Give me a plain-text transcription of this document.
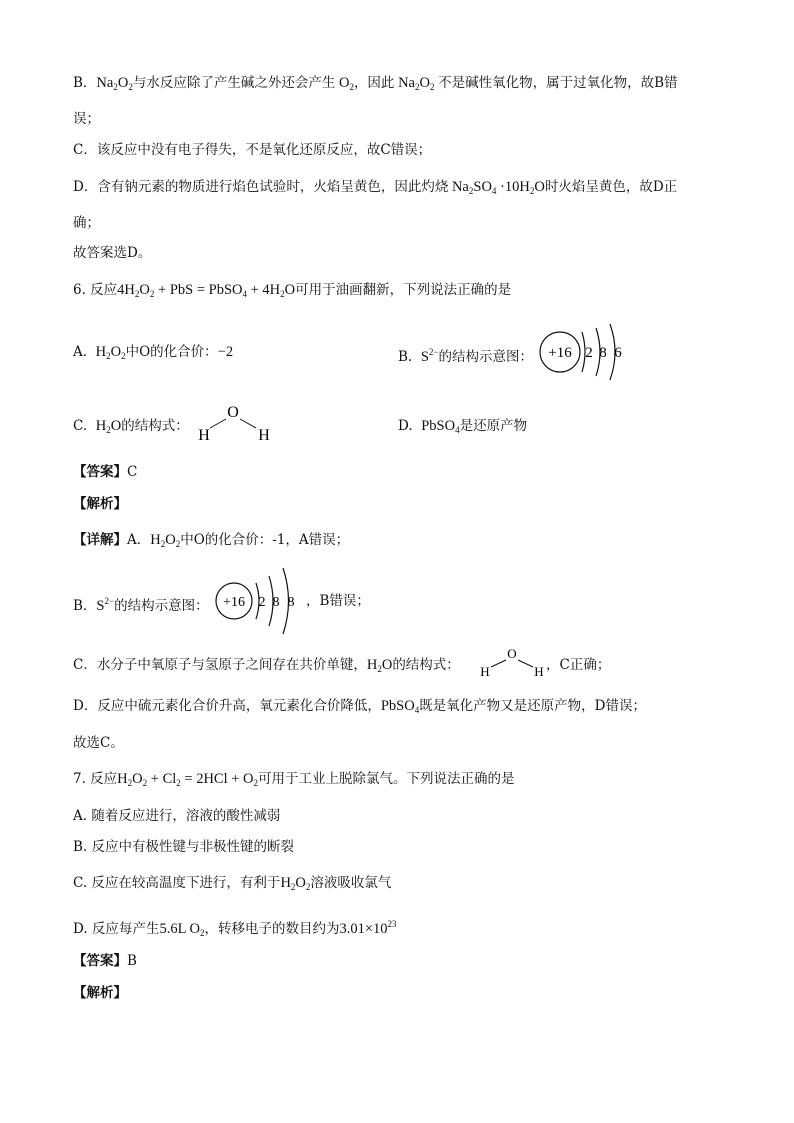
B．$Na_2O_2$与水反应除了产生碱之外还会产生 $O_2$，因此 $Na_2O_2$ 不是碱性氧化物，属于过氧化物，故B错
误；
C．该反应中没有电子得失，不是氧化还原反应，故C错误；
D．含有钠元素的物质进行焰色试验时，火焰呈黄色，因此灼烧 $Na_2SO_4 \cdot 10H_2O$时火焰呈黄色，故D正
确；
故答案选D。
6. 反应$4H_2O_2$ + PbS = PbSO$_4$ + $4H_2O$可用于油画翻新，下列说法正确的是
A. $H_2O_2$中O的化合价：−2	B. $S^{2-}$的结构示意图： +16 2 8 6
C. $H_2O$的结构式：
O
H	H
D. PbSO$_4$是还原产物
【答案】C
【解析】
【详解】A．$H_2O_2$中O的化合价：-1，A错误；
B．$S^{2-}$的结构示意图： +16 2 8 8 ，B错误；
C．水分子中氧原子与氢原子之间存在共价单键，$H_2O$的结构式：
O
H	H ，C正确；
D．反应中硫元素化合价升高，氧元素化合价降低，PbSO$_4$既是氧化产物又是还原产物，D错误；
故选C。
7. 反应$H_2O_2 + Cl_2 = 2HCl + O_2$可用于工业上脱除氯气。下列说法正确的是
A. 随着反应进行，溶液的酸性减弱
B. 反应中有极性键与非极性键的断裂
C. 反应在较高温度下进行，有利于$H_2O_2$溶液吸收氯气
D. 反应每产生5.6L $O_2$，转移电子的数目约为$3.01\times 10^{23}$
【答案】B
【解析】
